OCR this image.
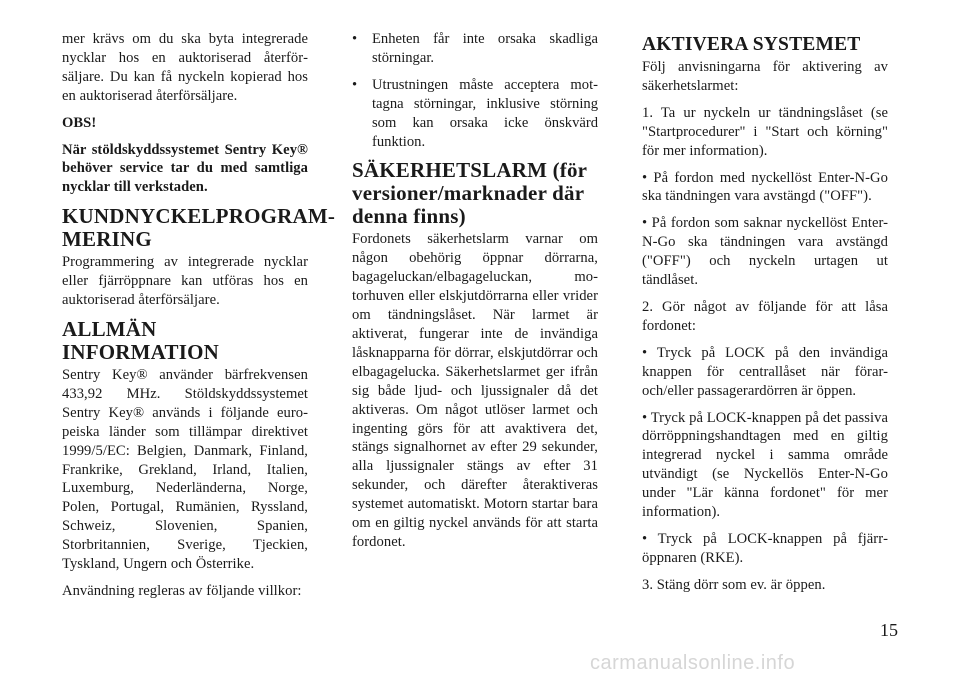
mer krävs om du ska byta integrerade nycklar hos en auktoriserad återförsäljare. Du kan få nyckeln kopierad hos en auktoriserad återförsäljare.

OBS!

När stöldskyddssystemet Sentry Key® behöver service tar du med samtliga nycklar till verkstaden.

KUNDNYCKELPROGRAMMERING

Programmering av integrerade nycklar eller fjärröppnare kan utföras hos en auktoriserad återförsäljare.

ALLMÄN INFORMATION

Sentry Key® använder bärfrekvensen 433,92 MHz. Stöldskyddssystemet Sentry Key® används i följande europeiska länder som tillämpar direktivet 1999/5/EC: Belgien, Danmark, Finland, Frankrike, Grekland, Irland, Italien, Luxemburg, Nederländerna, Norge, Polen, Portugal, Rumänien, Ryssland, Schweiz, Slovenien, Spanien, Storbritannien, Sverige, Tjeckien, Tyskland, Ungern och Österrike.

Användning regleras av följande villkor:

• Enheten får inte orsaka skadliga störningar.
• Utrustningen måste acceptera mottagna störningar, inklusive störning som kan orsaka icke önskvärd funktion.
SÄKERHETSLARM (för versioner/marknader där denna finns)

Fordonets säkerhetslarm varnar om någon obehörig öppnar dörrarna, bagageluckan/elbagageluckan, motorhuven eller elskjutdörrarna eller vrider om tändningslåset. När larmet är aktiverat, fungerar inte de invändiga låsknapparna för dörrar, elskjutdörrar och elbagagelucka. Säkerhetslarmet ger ifrån sig både ljud- och ljussignaler då det aktiveras. Om något utlöser larmet och ingenting görs för att avaktivera det, stängs signalhornet av efter 29 sekunder, alla ljussignaler stängs av efter 31 sekunder, och därefter återaktiveras systemet automatiskt. Motorn startar bara om en giltig nyckel används för att starta fordonet.

AKTIVERA SYSTEMET

Följ anvisningarna för aktivering av säkerhetslarmet:

1. Ta ur nyckeln ur tändningslåset (se "Startprocedurer" i "Start och körning" för mer information).

• På fordon med nyckellöst Enter-N-Go ska tändningen vara avstängd ("OFF").

• På fordon som saknar nyckellöst Enter-N-Go ska tändningen vara avstängd ("OFF") och nyckeln urtagen ut tändlåset.

2. Gör något av följande för att låsa fordonet:

• Tryck på LOCK på den invändiga knappen för centrallåset när förar- och/eller passagerardörren är öppen.

• Tryck på LOCK-knappen på det passiva dörröppningshandtagen med en giltig integrerad nyckel i samma område utvändigt (se Nyckellös Enter-N-Go under "Lär känna fordonet" för mer information).

• Tryck på LOCK-knappen på fjärröppnaren (RKE).

3. Stäng dörr som ev. är öppen.

15
carmanualsonline.info
